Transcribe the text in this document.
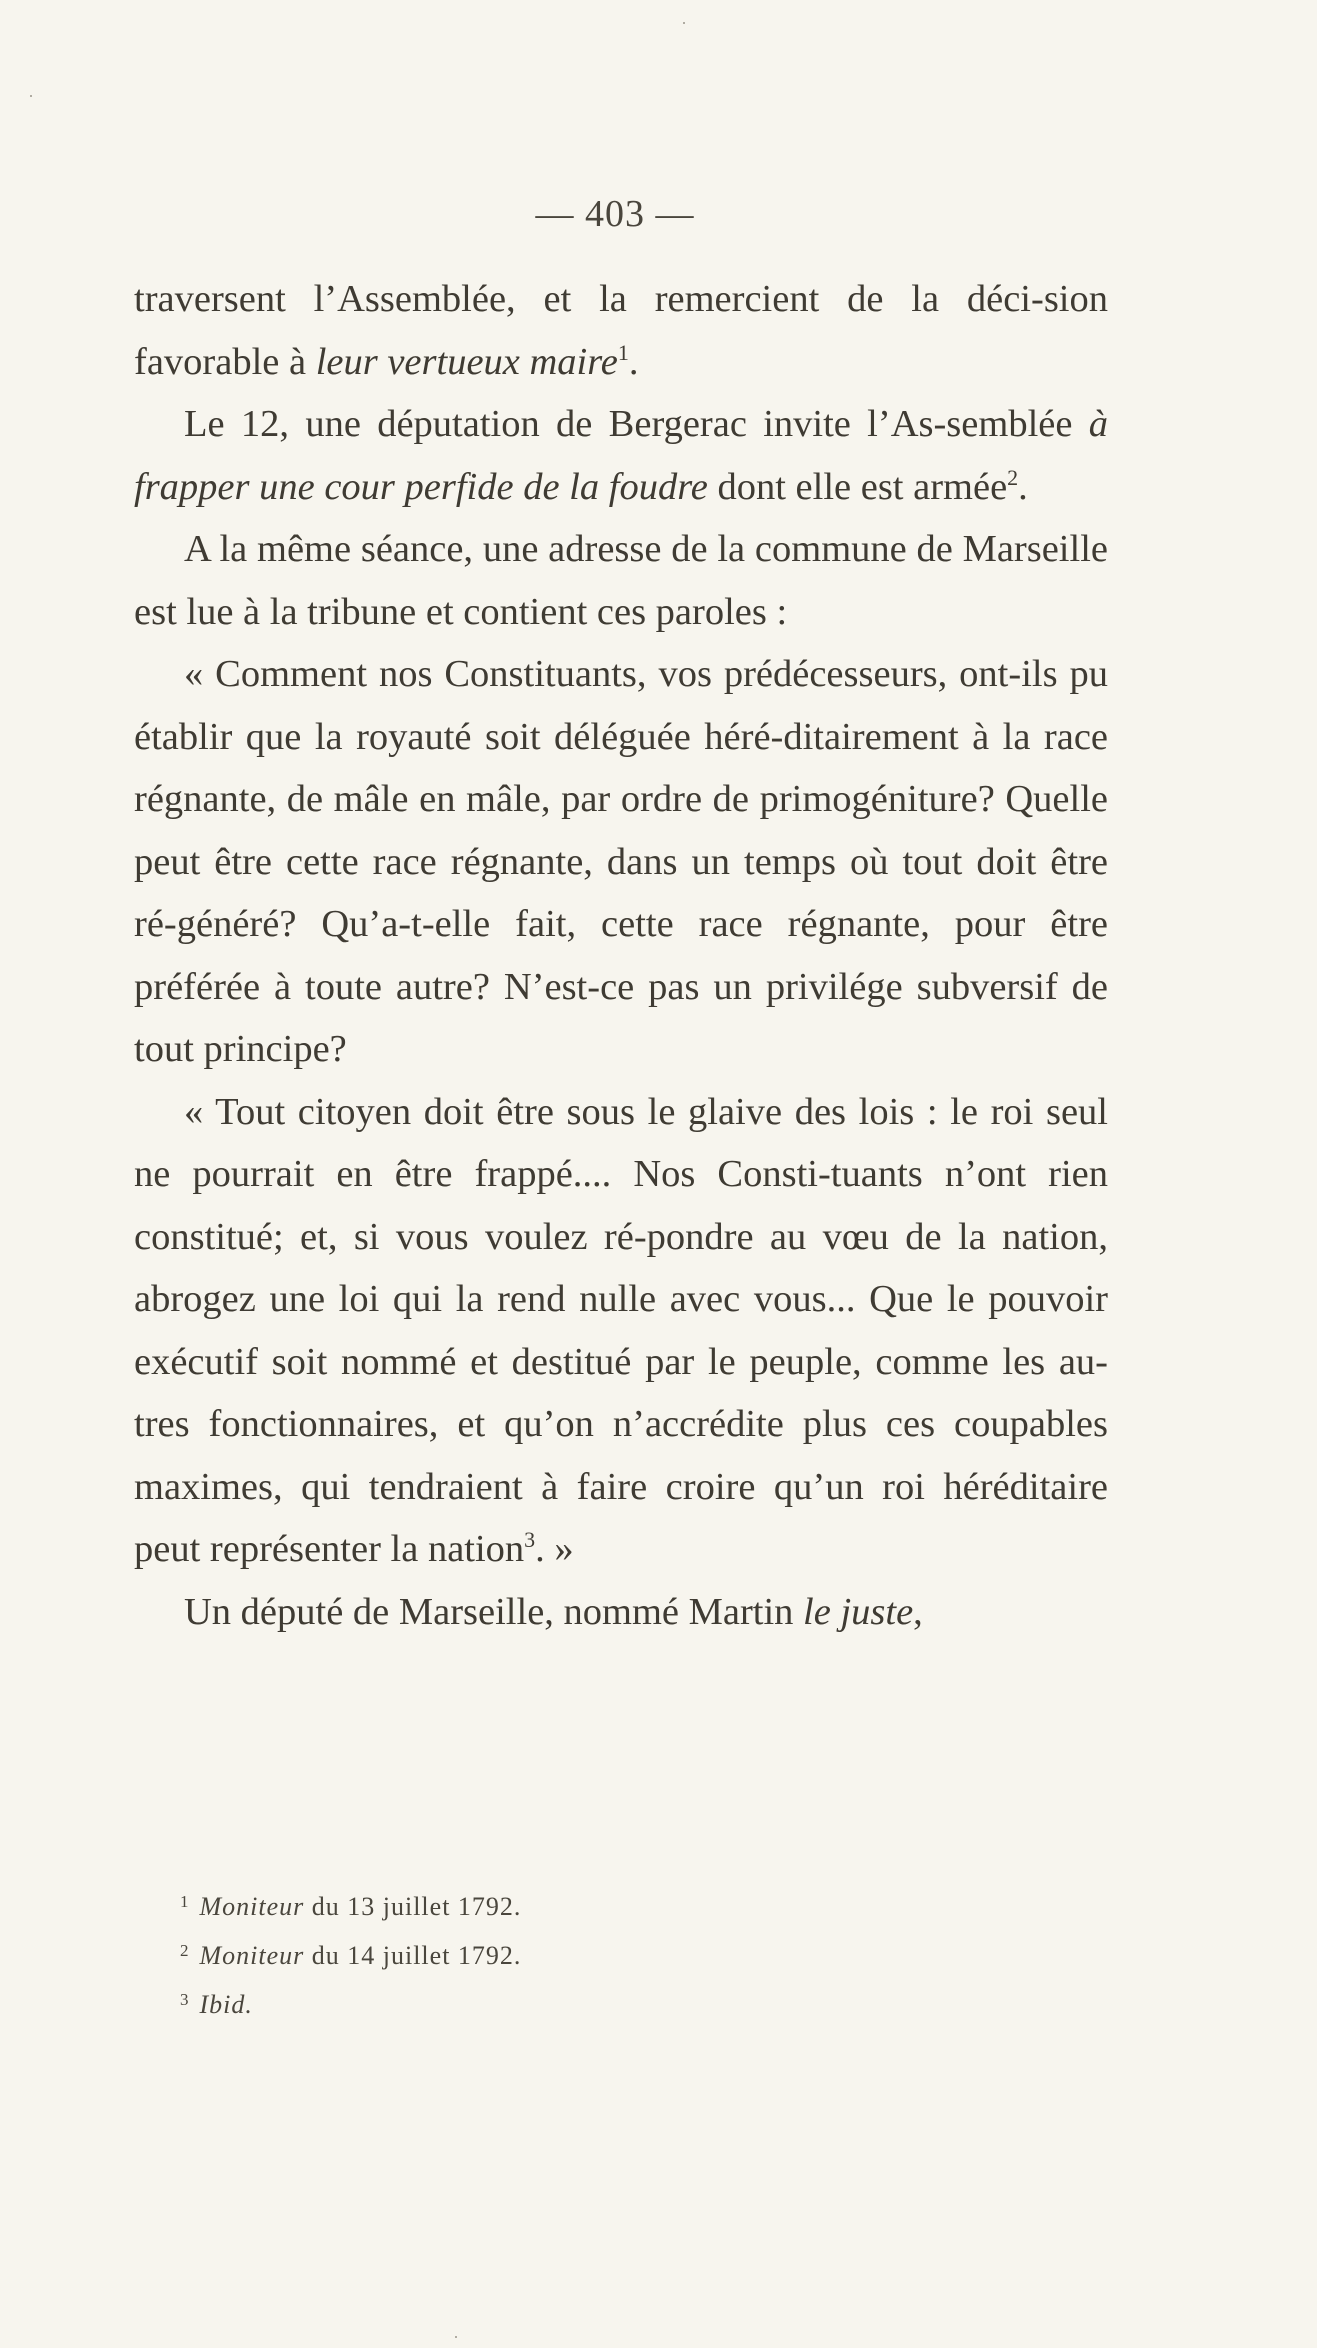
— 403 —

traversent l’Assemblée, et la remercient de la déci-sion favorable à leur vertueux maire$^1$.

Le 12, une députation de Bergerac invite l’As-semblée à frapper une cour perfide de la foudre dont elle est armée$^2$.

A la même séance, une adresse de la commune de Marseille est lue à la tribune et contient ces paroles :

« Comment nos Constituants, vos prédécesseurs, ont-ils pu établir que la royauté soit déléguée héré-ditairement à la race régnante, de mâle en mâle, par ordre de primogéniture? Quelle peut être cette race régnante, dans un temps où tout doit être ré-généré? Qu’a-t-elle fait, cette race régnante, pour être préférée à toute autre? N’est-ce pas un privilége subversif de tout principe?

« Tout citoyen doit être sous le glaive des lois : le roi seul ne pourrait en être frappé.... Nos Consti-tuants n’ont rien constitué; et, si vous voulez ré-pondre au vœu de la nation, abrogez une loi qui la rend nulle avec vous... Que le pouvoir exécutif soit nommé et destitué par le peuple, comme les au-tres fonctionnaires, et qu’on n’accrédite plus ces coupables maximes, qui tendraient à faire croire qu’un roi héréditaire peut représenter la nation$^3$. »

Un député de Marseille, nommé Martin le juste,

$^1$ Moniteur du 13 juillet 1792.

$^2$ Moniteur du 14 juillet 1792.

$^3$ Ibid.
